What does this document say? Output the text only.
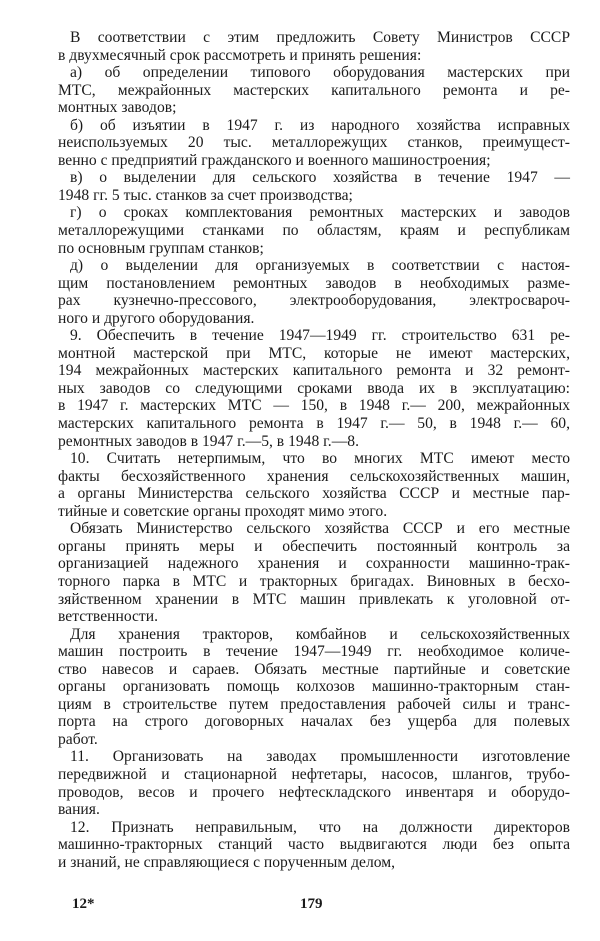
В соответствии с этим предложить Совету Министров СССР
в двухмесячный срок рассмотреть и принять решения:
а) об определении типового оборудования мастерских при
МТС, межрайонных мастерских капитального ремонта и ре-
монтных заводов;
б) об изъятии в 1947 г. из народного хозяйства исправных
неиспользуемых 20 тыс. металлорежущих станков, преимущест-
венно с предприятий гражданского и военного машиностроения;
в) о выделении для сельского хозяйства в течение 1947 —
1948 гг. 5 тыс. станков за счет производства;
г) о сроках комплектования ремонтных мастерских и заводов
металлорежущими станками по областям, краям и республикам
по основным группам станков;
д) о выделении для организуемых в соответствии с настоя-
щим постановлением ремонтных заводов в необходимых разме-
рах кузнечно-прессового, электрооборудования, электросвароч-
ного и другого оборудования.
9. Обеспечить в течение 1947—1949 гг. строительство 631 ре-
монтной мастерской при МТС, которые не имеют мастерских,
194 межрайонных мастерских капитального ремонта и 32 ремонт-
ных заводов со следующими сроками ввода их в эксплуатацию:
в 1947 г. мастерских МТС — 150, в 1948 г.— 200, межрайонных
мастерских капитального ремонта в 1947 г.— 50, в 1948 г.— 60,
ремонтных заводов в 1947 г.—5, в 1948 г.—8.
10. Считать нетерпимым, что во многих МТС имеют место
факты бесхозяйственного хранения сельскохозяйственных машин,
а органы Министерства сельского хозяйства СССР и местные пар-
тийные и советские органы проходят мимо этого.
Обязать Министерство сельского хозяйства СССР и его местные
органы принять меры и обеспечить постоянный контроль за
организацией надежного хранения и сохранности машинно-трак-
торного парка в МТС и тракторных бригадах. Виновных в бесхо-
зяйственном хранении в МТС машин привлекать к уголовной от-
ветственности.
Для хранения тракторов, комбайнов и сельскохозяйственных
машин построить в течение 1947—1949 гг. необходимое количе-
ство навесов и сараев. Обязать местные партийные и советские
органы организовать помощь колхозов машинно-тракторным стан-
циям в строительстве путем предоставления рабочей силы и транс-
порта на строго договорных началах без ущерба для полевых
работ.
11. Организовать на заводах промышленности изготовление
передвижной и стационарной нефтетары, насосов, шлангов, трубо-
проводов, весов и прочего нефтескладского инвентаря и оборудо-
вания.
12. Признать неправильным, что на должности директоров
машинно-тракторных станций часто выдвигаются люди без опыта
и знаний, не справляющиеся с порученным делом,
12*	179
